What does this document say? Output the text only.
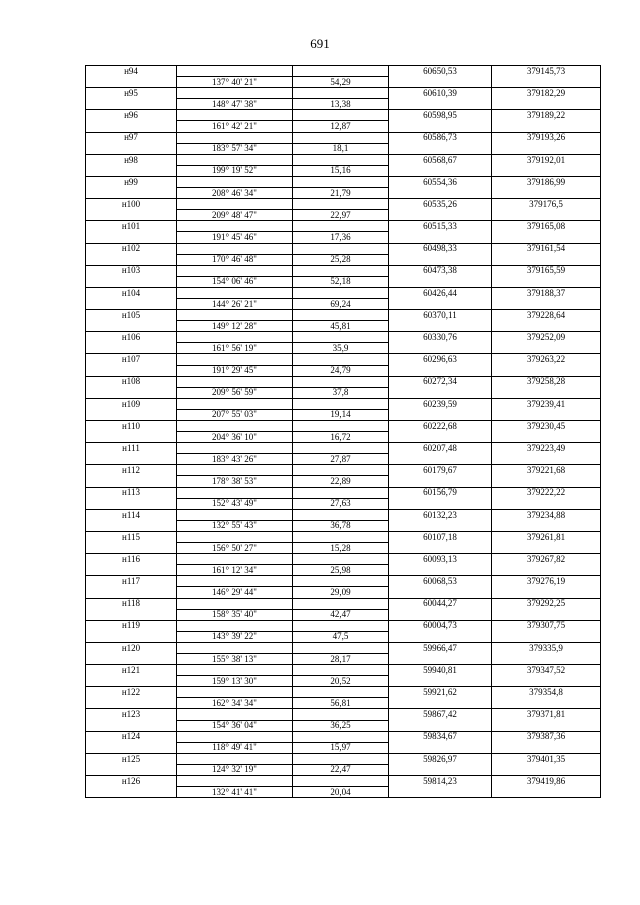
691
н94			60650,53	379145,73
	137° 40' 21"	54,29		
н95			60610,39	379182,29
	148° 47' 38"	13,38		
н96			60598,95	379189,22
	161° 42' 21"	12,87		
н97			60586,73	379193,26
	183° 57' 34"	18,1		
н98			60568,67	379192,01
	199° 19' 52"	15,16		
н99			60554,36	379186,99
	208° 46' 34"	21,79		
н100			60535,26	379176,5
	209° 48' 47"	22,97		
н101			60515,33	379165,08
	191° 45' 46"	17,36		
н102			60498,33	379161,54
	170° 46' 48"	25,28		
н103			60473,38	379165,59
	154° 06' 46"	52,18		
н104			60426,44	379188,37
	144° 26' 21"	69,24		
н105			60370,11	379228,64
	149° 12' 28"	45,81		
н106			60330,76	379252,09
	161° 56' 19"	35,9		
н107			60296,63	379263,22
	191° 29' 45"	24,79		
н108			60272,34	379258,28
	209° 56' 59"	37,8		
н109			60239,59	379239,41
	207° 55' 03"	19,14		
н110			60222,68	379230,45
	204° 36' 10"	16,72		
н111			60207,48	379223,49
	183° 43' 26"	27,87		
н112			60179,67	379221,68
	178° 38' 53"	22,89		
н113			60156,79	379222,22
	152° 43' 49"	27,63		
н114			60132,23	379234,88
	132° 55' 43"	36,78		
н115			60107,18	379261,81
	156° 50' 27"	15,28		
н116			60093,13	379267,82
	161° 12' 34"	25,98		
н117			60068,53	379276,19
	146° 29' 44"	29,09		
н118			60044,27	379292,25
	158° 35' 40"	42,47		
н119			60004,73	379307,75
	143° 39' 22"	47,5		
н120			59966,47	379335,9
	155° 38' 13"	28,17		
н121			59940,81	379347,52
	159° 13' 30"	20,52		
н122			59921,62	379354,8
	162° 34' 34"	56,81		
н123			59867,42	379371,81
	154° 36' 04"	36,25		
н124			59834,67	379387,36
	118° 49' 41"	15,97		
н125			59826,97	379401,35
	124° 32' 19"	22,47		
н126			59814,23	379419,86
	132° 41' 41"	20,04		
